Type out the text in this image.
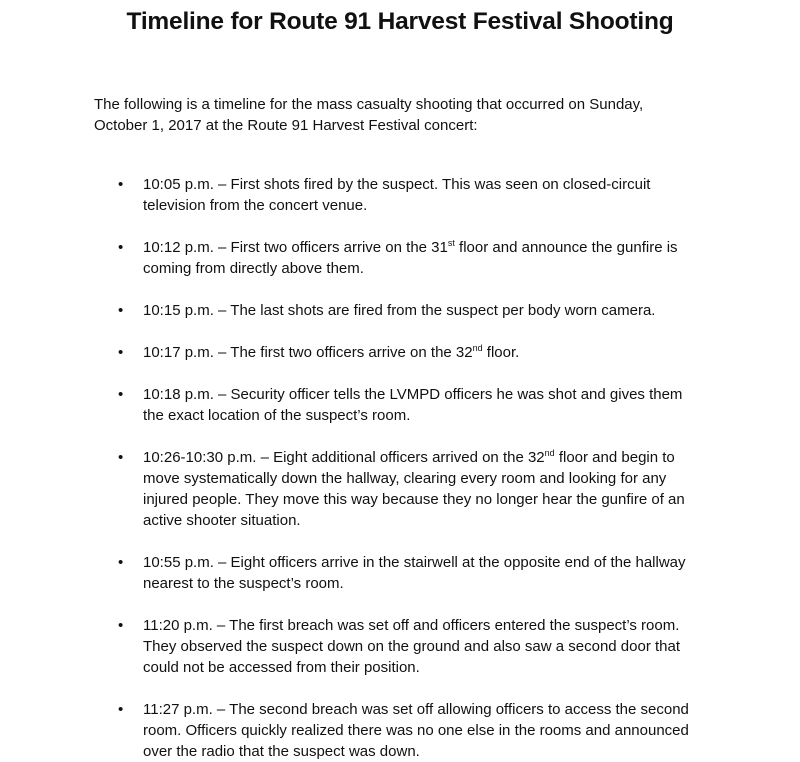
Timeline for Route 91 Harvest Festival Shooting
The following is a timeline for the mass casualty shooting that occurred on Sunday, October 1, 2017 at the Route 91 Harvest Festival concert:
• 10:05 p.m. – First shots fired by the suspect. This was seen on closed-circuit television from the concert venue.
• 10:12 p.m. – First two officers arrive on the 31st floor and announce the gunfire is coming from directly above them.
• 10:15 p.m. – The last shots are fired from the suspect per body worn camera.
• 10:17 p.m. – The first two officers arrive on the 32nd floor.
• 10:18 p.m. – Security officer tells the LVMPD officers he was shot and gives them the exact location of the suspect’s room.
• 10:26-10:30 p.m. – Eight additional officers arrived on the 32nd floor and begin to move systematically down the hallway, clearing every room and looking for any injured people. They move this way because they no longer hear the gunfire of an active shooter situation.
• 10:55 p.m. – Eight officers arrive in the stairwell at the opposite end of the hallway nearest to the suspect’s room.
• 11:20 p.m. – The first breach was set off and officers entered the suspect’s room. They observed the suspect down on the ground and also saw a second door that could not be accessed from their position.
• 11:27 p.m. – The second breach was set off allowing officers to access the second room. Officers quickly realized there was no one else in the rooms and announced over the radio that the suspect was down.
